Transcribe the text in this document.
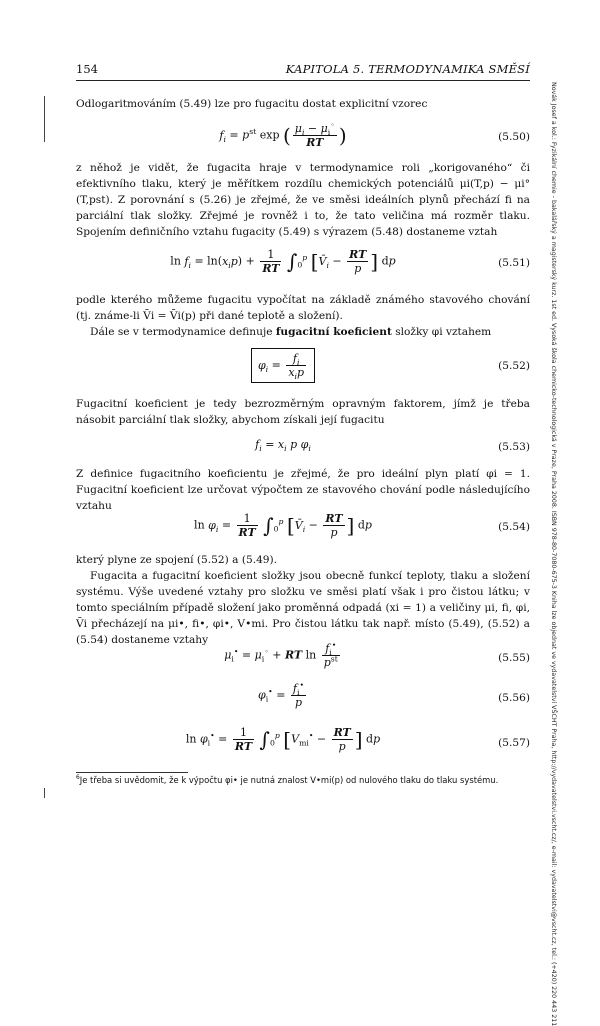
154	KAPITOLA 5. TERMODYNAMIKA SMĚSÍ
Novák Josef a kol.: Fyzikální chemie - bakalářský a magisterský kurz. 1st ed. Vysoká škola chemicko-technologická v Praze, Praha 2008. ISBN 978-80-7080-675-3 Kniha lze objednat ve vydavatelství VŠCHT Praha, http://vydavatelstvi.vscht.cz/, e-mail: vydavatelstvi@vscht.cz, tel.: (+420) 220 443 211
Odlogaritmováním (5.49) lze pro fugacitu dostat explicitní vzorec
$f_i = p^{st}$ exp ( $\frac{\mu_i - \mu_i^◦}{RT}$ )	(5.50)
z něhož je vidět, že fugacita hraje v termodynamice roli „korigovaného“ či efektivního tlaku, který je měřítkem rozdílu chemických potenciálů μi(T,p) − μi°(T,pst). Z porovnání s (5.26) je zřejmé, že ve směsi ideálních plynů přechází fi na parciální tlak složky. Zřejmé je rovněž i to, že tato veličina má rozměr tlaku. Spojením definičního vztahu fugacity (5.49) s výrazem (5.48) dostaneme vztah
$\ln f_i = \ln(x_ip) + \frac{1}{RT} \int_0^p$ [$V̄_i - \frac{RT}{p}$ ] dp	(5.51)
podle kterého můžeme fugacitu vypočítat na základě známého stavového chování (tj. známe-li V̄i = V̄i(p) při dané teplotě a složení).
Dále se v termodynamice definuje fugacitní koeficient složky φi vztahem
$\varphi_i = f_i$
$x_ip$	(5.52)
Fugacitní koeficient je tedy bezrozměrným opravným faktorem, jímž je třeba násobit parciální tlak složky, abychom získali její fugacitu
$f_i = x_i$ p $\varphi_i$	(5.53)
Z definice fugacitního koeficientu je zřejmé, že pro ideální plyn platí φi = 1. Fugacitní koeficient lze určovat výpočtem ze stavového chování podle následujícího vztahu
$\ln \varphi_i = \frac{1}{RT} \int_0^p$ [$V̄_i - \frac{RT}{p}$ ] dp	(5.54)
který plyne ze spojení (5.52) a (5.49).
Fugacita a fugacitní koeficient složky jsou obecně funkcí teploty, tlaku a složení systému. Výše uvedené vztahy pro složku ve směsi platí však i pro čistou látku; v tomto speciálním případě složení jako proměnná odpadá (xi = 1) a veličiny μi, fi, φi, V̄i přecházejí na μi•, fi•, φi•, V•mi. Pro čistou látku tak např. místo (5.49), (5.52) a (5.54) dostaneme vztahy
$\mu_i^• = \mu_i^◦$ + RT $\ln f_i^•$
$p^{st}$	(5.55)
$\varphi_i^• = \frac{f_i^•}{p}$	(5.56)
$\ln \varphi_i^• = \frac{1}{RT} \int_0^p$ [$V_{mi}^• - \frac{RT}{p}$ ] dp	(5.57)
$^6$Je třeba si uvědomit, že k výpočtu φi• je nutná znalost V•mi(p) od nulového tlaku do tlaku systému.
